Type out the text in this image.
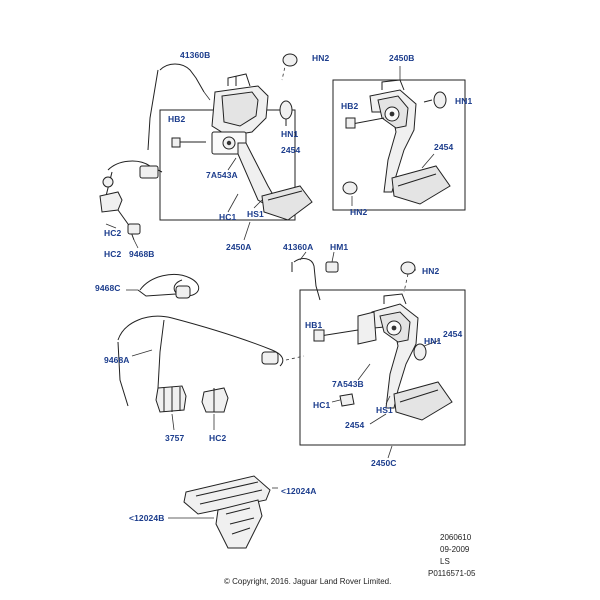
41360B	HN2	2450B
HB2
HB2	HN1
HN1
2454	2454
7A543A
HN2
HS1
HC1
HC2
9468B
HC2
2450A	41360A HM1
HN2
9468C
HB1
HN1
2454
9468A
7A543B
HC1	HS1
2454
3757	HC2
2450C
<12024A
<12024B
2060610
09-2009
LS
P0116571-05
© Copyright, 2016. Jaguar Land Rover Limited.
